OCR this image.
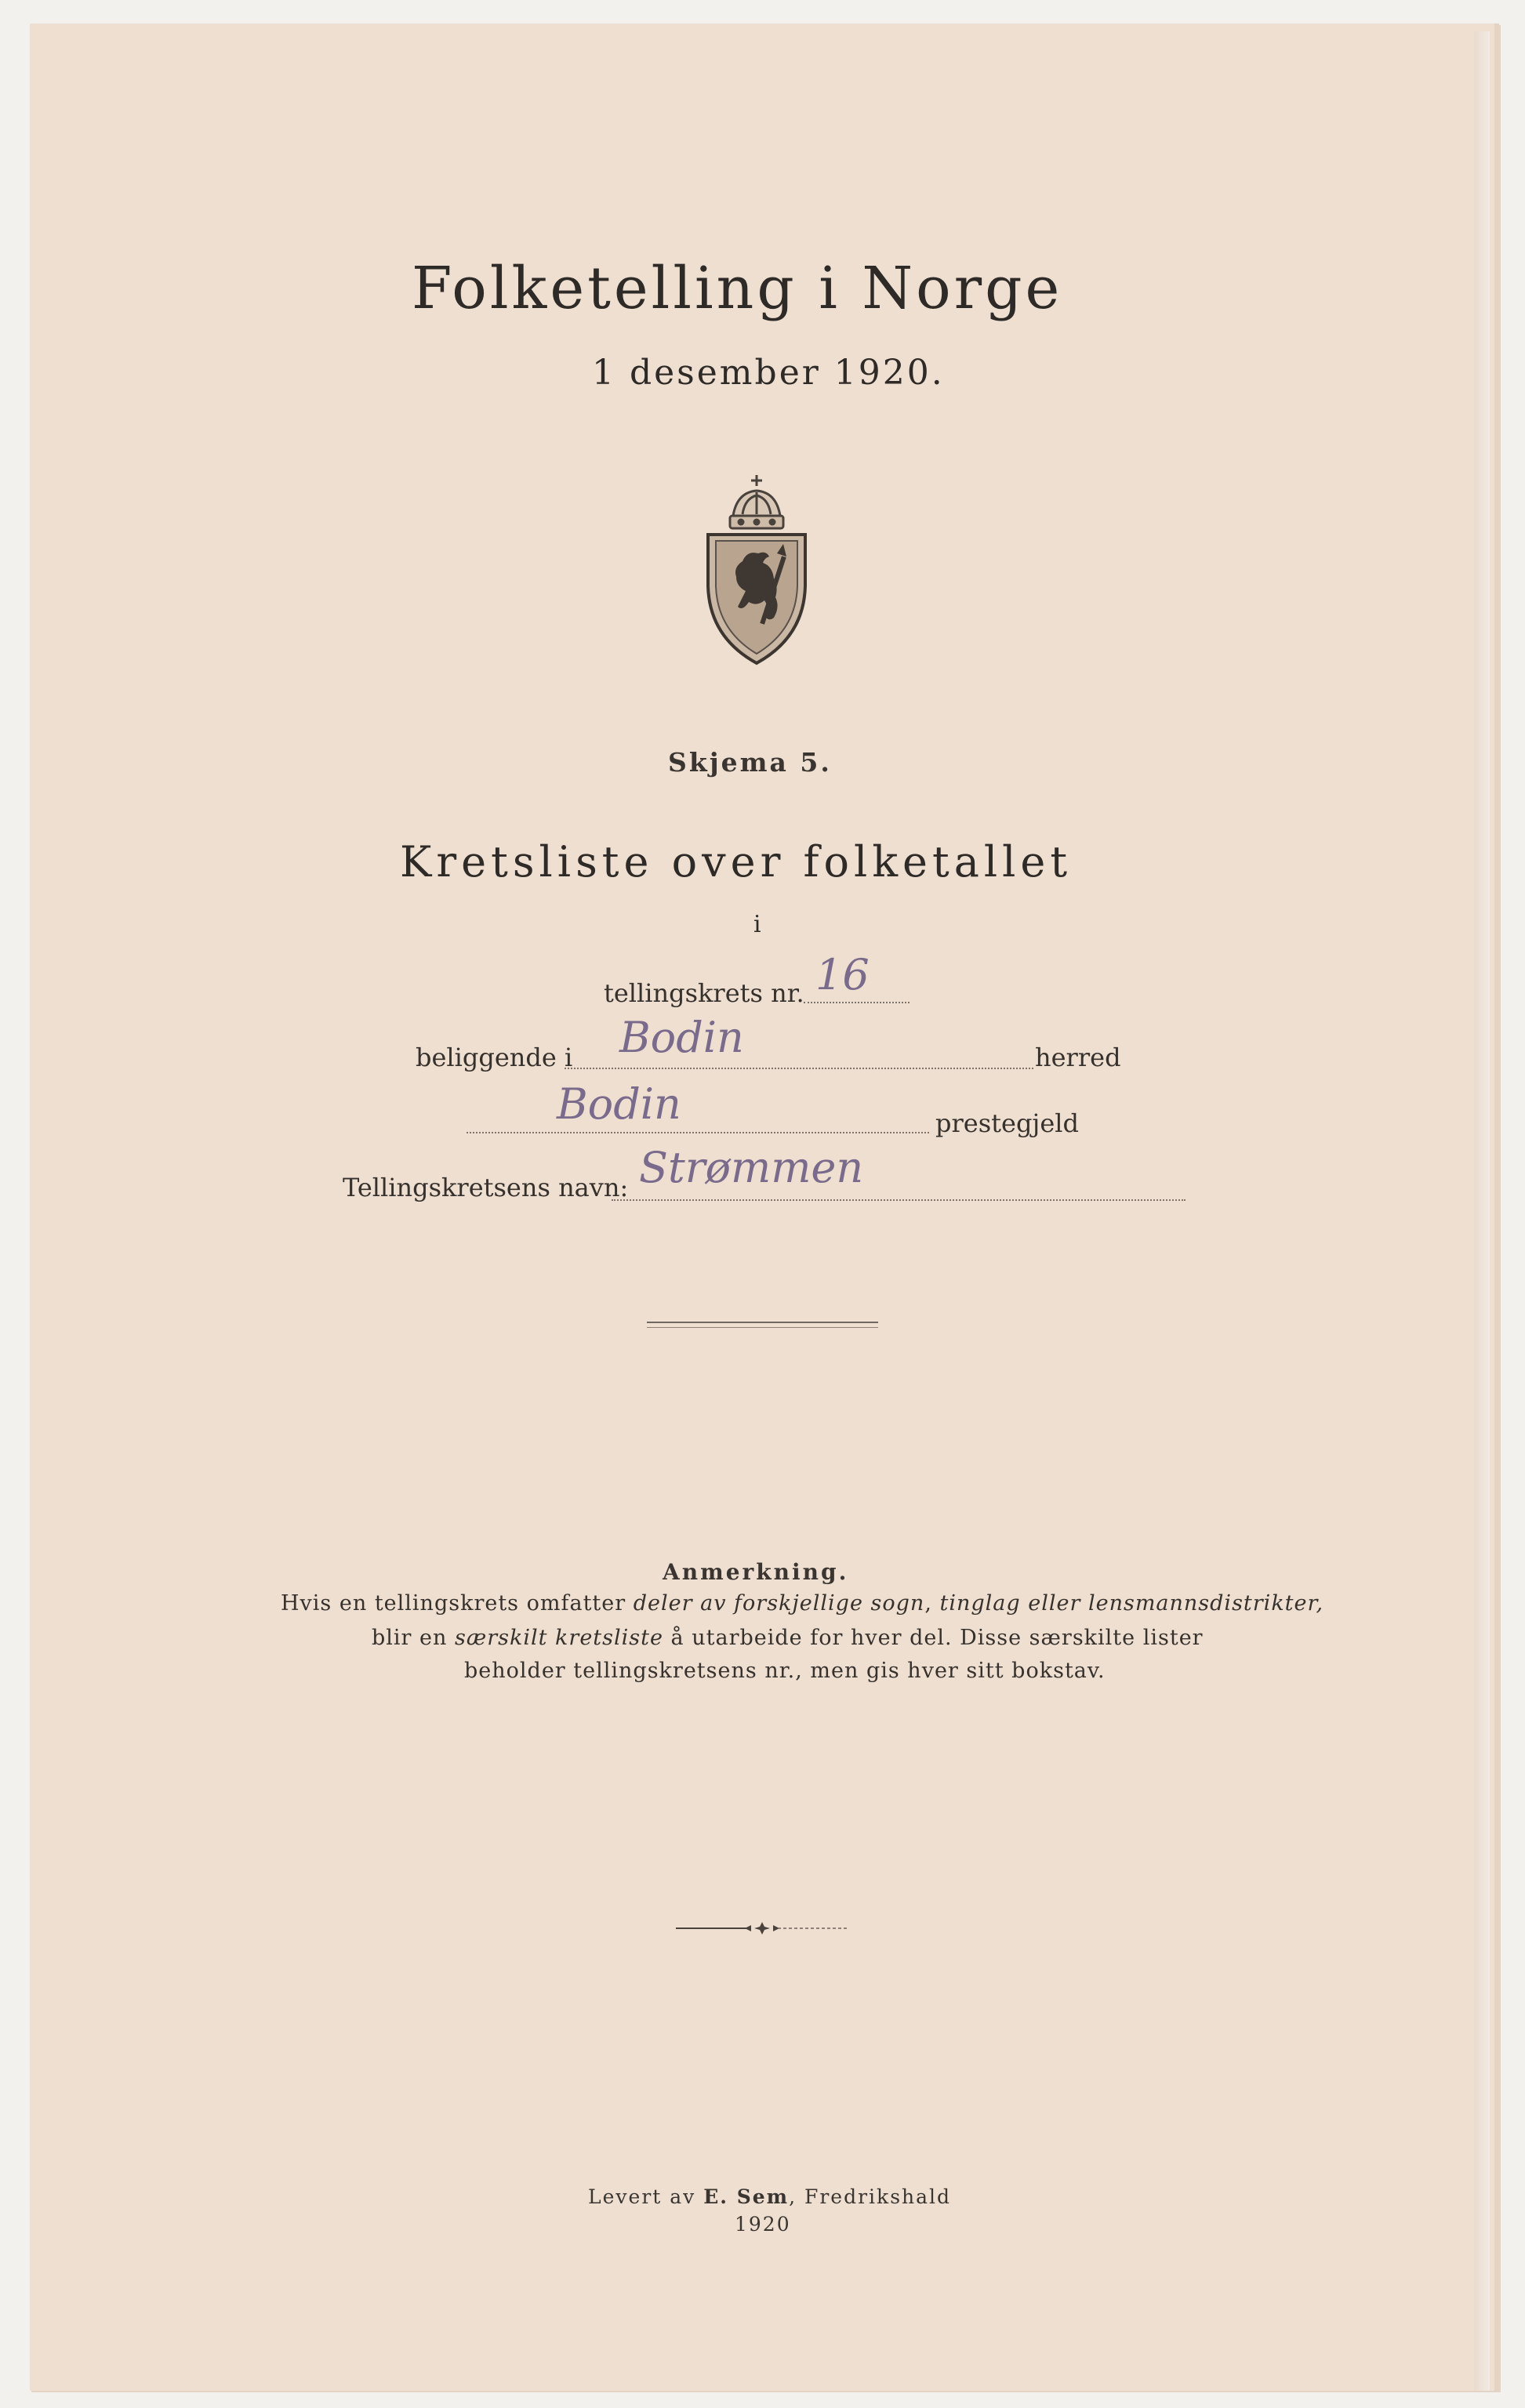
Folketelling i Norge
1 desember 1920.
Skjema 5.
Kretsliste over folketallet
i
tellingskrets nr. 16
beliggende i Bodin	herred
Bodin	prestegjeld
Tellingskretsens navn: Strømmen
Anmerkning.
Hvis en tellingskrets omfatter deler av forskjellige sogn, tinglag eller lensmannsdistrikter,
blir en særskilt kretsliste å utarbeide for hver del. Disse særskilte lister
beholder tellingskretsens nr., men gis hver sitt bokstav.
Levert av E. Sem, Fredrikshald
1920
